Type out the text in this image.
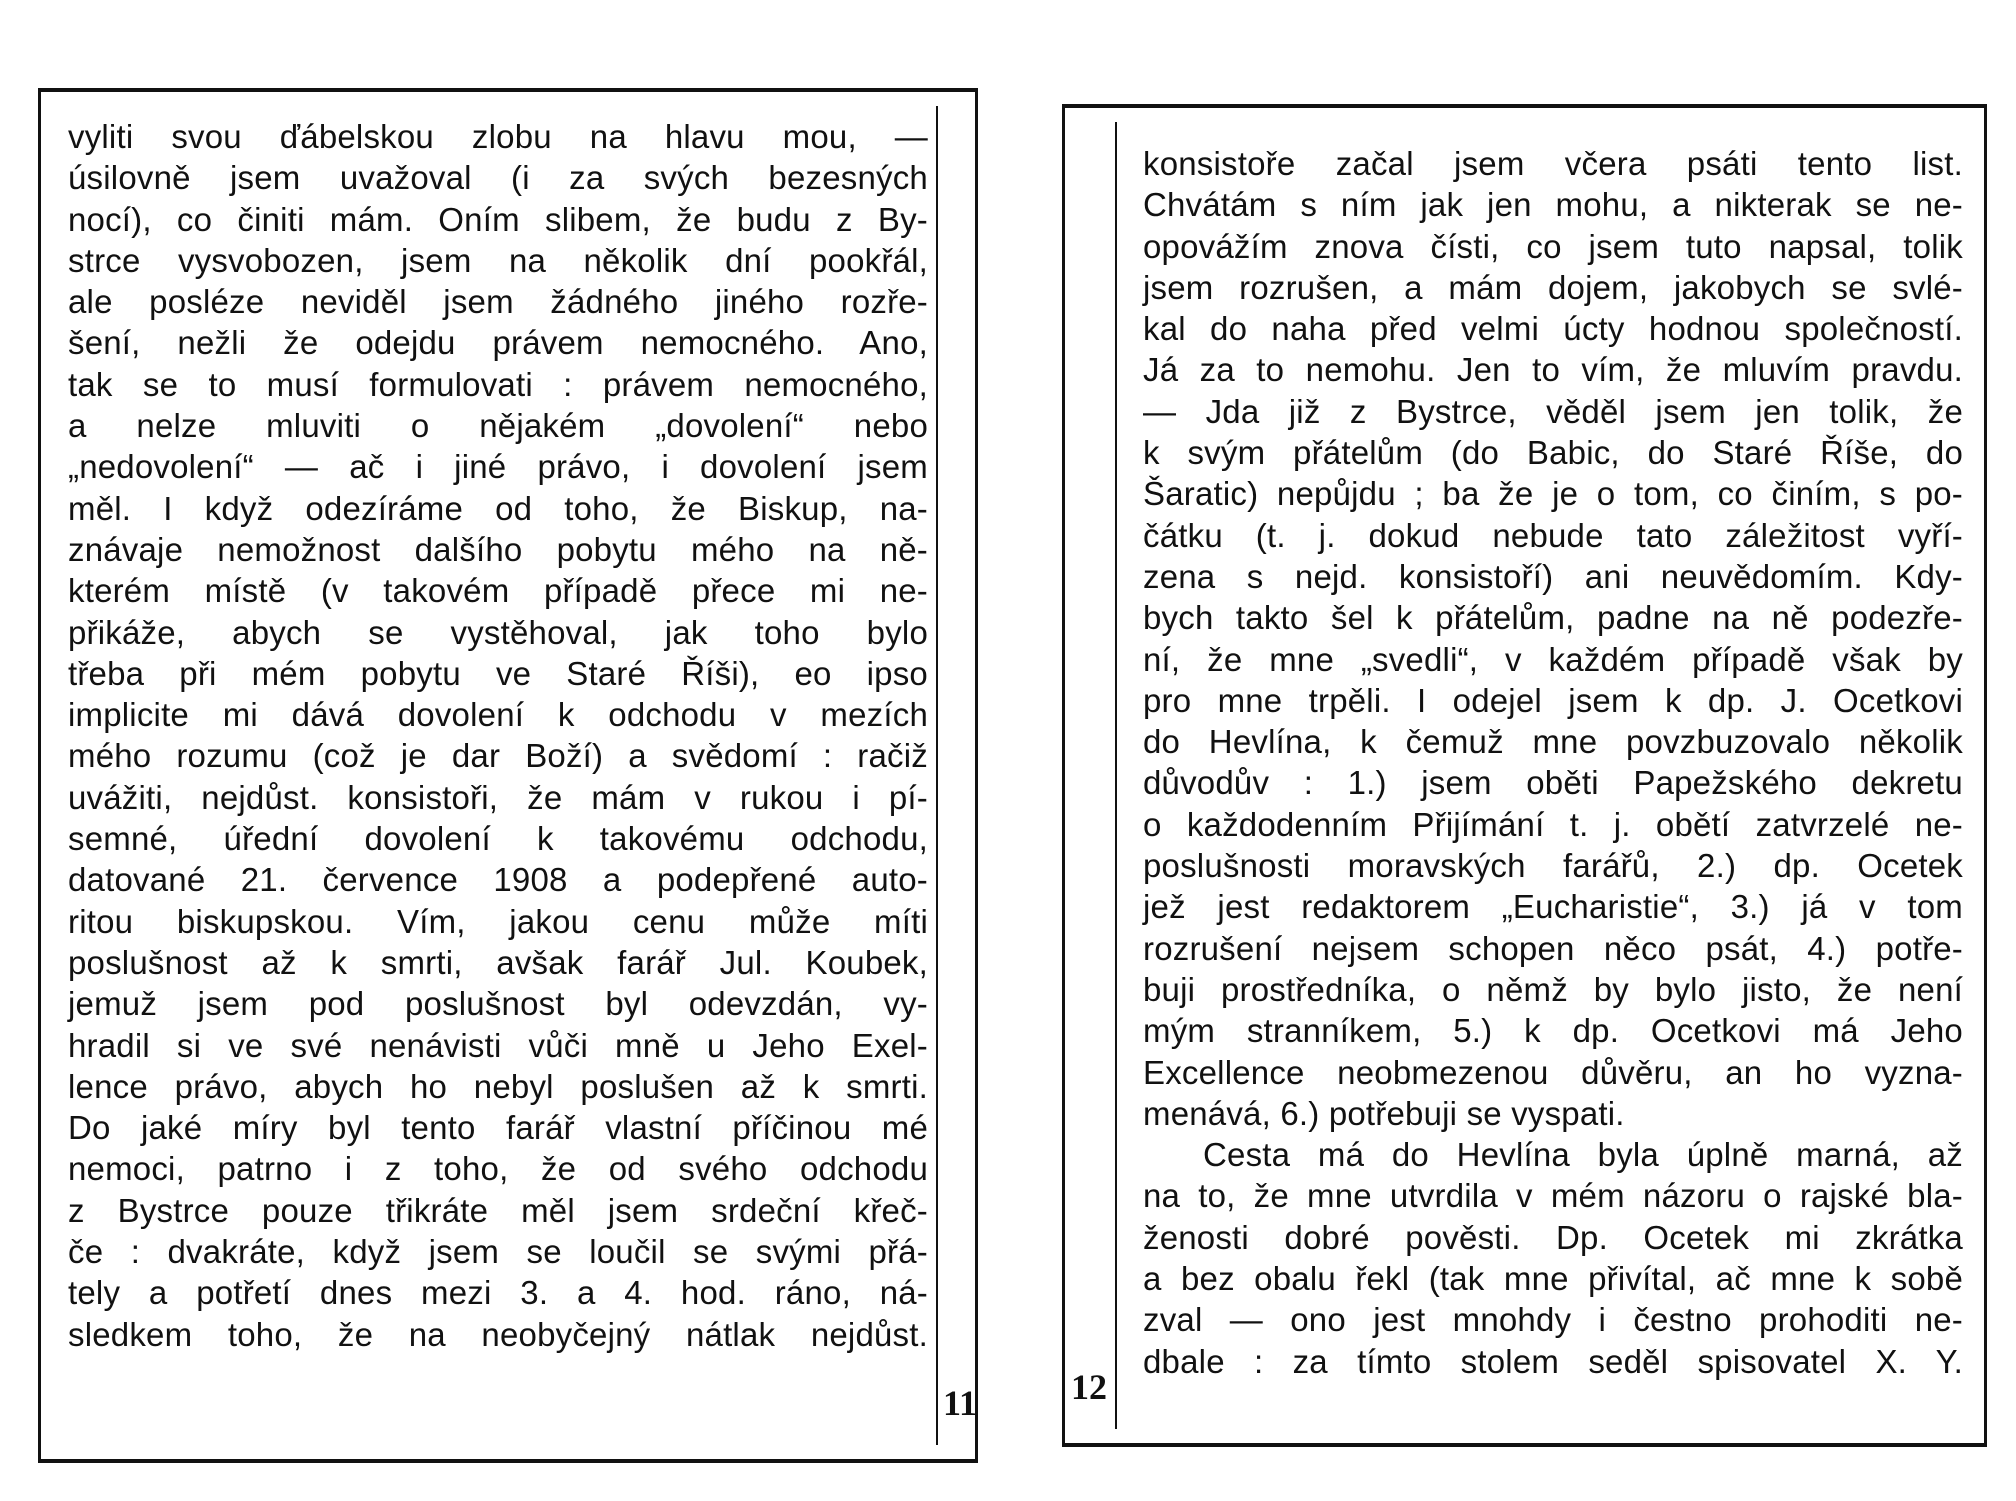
vyliti svou ďábelskou zlobu na hlavu mou, —
úsilovně jsem uvažoval (i za svých bezesných
nocí), co činiti mám. Oním slibem, že budu z By-
strce vysvobozen, jsem na několik dní pookřál,
ale posléze neviděl jsem žádného jiného rozře-
šení, nežli že odejdu právem nemocného. Ano,
tak se to musí formulovati : právem nemocného,
a nelze mluviti o nějakém „dovolení“ nebo
„nedovolení“ — ač i jiné právo, i dovolení jsem
měl. I když odezíráme od toho, že Biskup, na-
znávaje nemožnost dalšího pobytu mého na ně-
kterém místě (v takovém případě přece mi ne-
přikáže, abych se vystěhoval, jak toho bylo
třeba při mém pobytu ve Staré Říši), eo ipso
implicite mi dává dovolení k odchodu v mezích
mého rozumu (což je dar Boží) a svědomí : račiž
uvážiti, nejdůst. konsistoři, že mám v rukou i pí-
semné, úřední dovolení k takovému odchodu,
datované 21. července 1908 a podepřené auto-
ritou biskupskou. Vím, jakou cenu může míti
poslušnost až k smrti, avšak farář Jul. Koubek,
jemuž jsem pod poslušnost byl odevzdán, vy-
hradil si ve své nenávisti vůči mně u Jeho Exel-
lence právo, abych ho nebyl poslušen až k smrti.
Do jaké míry byl tento farář vlastní příčinou mé
nemoci, patrno i z toho, že od svého odchodu
z Bystrce pouze třikráte měl jsem srdeční křeč-
če : dvakráte, když jsem se loučil se svými přá-
tely a potřetí dnes mezi 3. a 4. hod. ráno, ná-
sledkem toho, že na neobyčejný nátlak nejdůst.
11
konsistoře začal jsem včera psáti tento list.
Chvátám s ním jak jen mohu, a nikterak se ne-
opovážím znova čísti, co jsem tuto napsal, tolik
jsem rozrušen, a mám dojem, jakobych se svlé-
kal do naha před velmi úcty hodnou společností.
Já za to nemohu. Jen to vím, že mluvím pravdu.
— Jda již z Bystrce, věděl jsem jen tolik, že
k svým přátelům (do Babic, do Staré Říše, do
Šaratic) nepůjdu ; ba že je o tom, co činím, s po-
čátku (t. j. dokud nebude tato záležitost vyří-
zena s nejd. konsistoří) ani neuvědomím. Kdy-
bych takto šel k přátelům, padne na ně podezře-
ní, že mne „svedli“, v každém případě však by
pro mne trpěli. I odejel jsem k dp. J. Ocetkovi
do Hevlína, k čemuž mne povzbuzovalo několik
důvodův : 1.) jsem oběti Papežského dekretu
o každodenním Přijímání t. j. obětí zatvrzelé ne-
poslušnosti moravských farářů, 2.) dp. Ocetek
jež jest redaktorem „Eucharistie“, 3.) já v tom
rozrušení nejsem schopen něco psát, 4.) potře-
buji prostředníka, o němž by bylo jisto, že není
mým stranníkem, 5.) k dp. Ocetkovi má Jeho
Excellence neobmezenou důvěru, an ho vyzna-
menává, 6.) potřebuji se vyspati.
Cesta má do Hevlína byla úplně marná, až
na to, že mne utvrdila v mém názoru o rajské bla-
ženosti dobré pověsti. Dp. Ocetek mi zkrátka
a bez obalu řekl (tak mne přivítal, ač mne k sobě
zval — ono jest mnohdy i čestno prohoditi ne-
dbale : za tímto stolem seděl spisovatel X. Y.
12
